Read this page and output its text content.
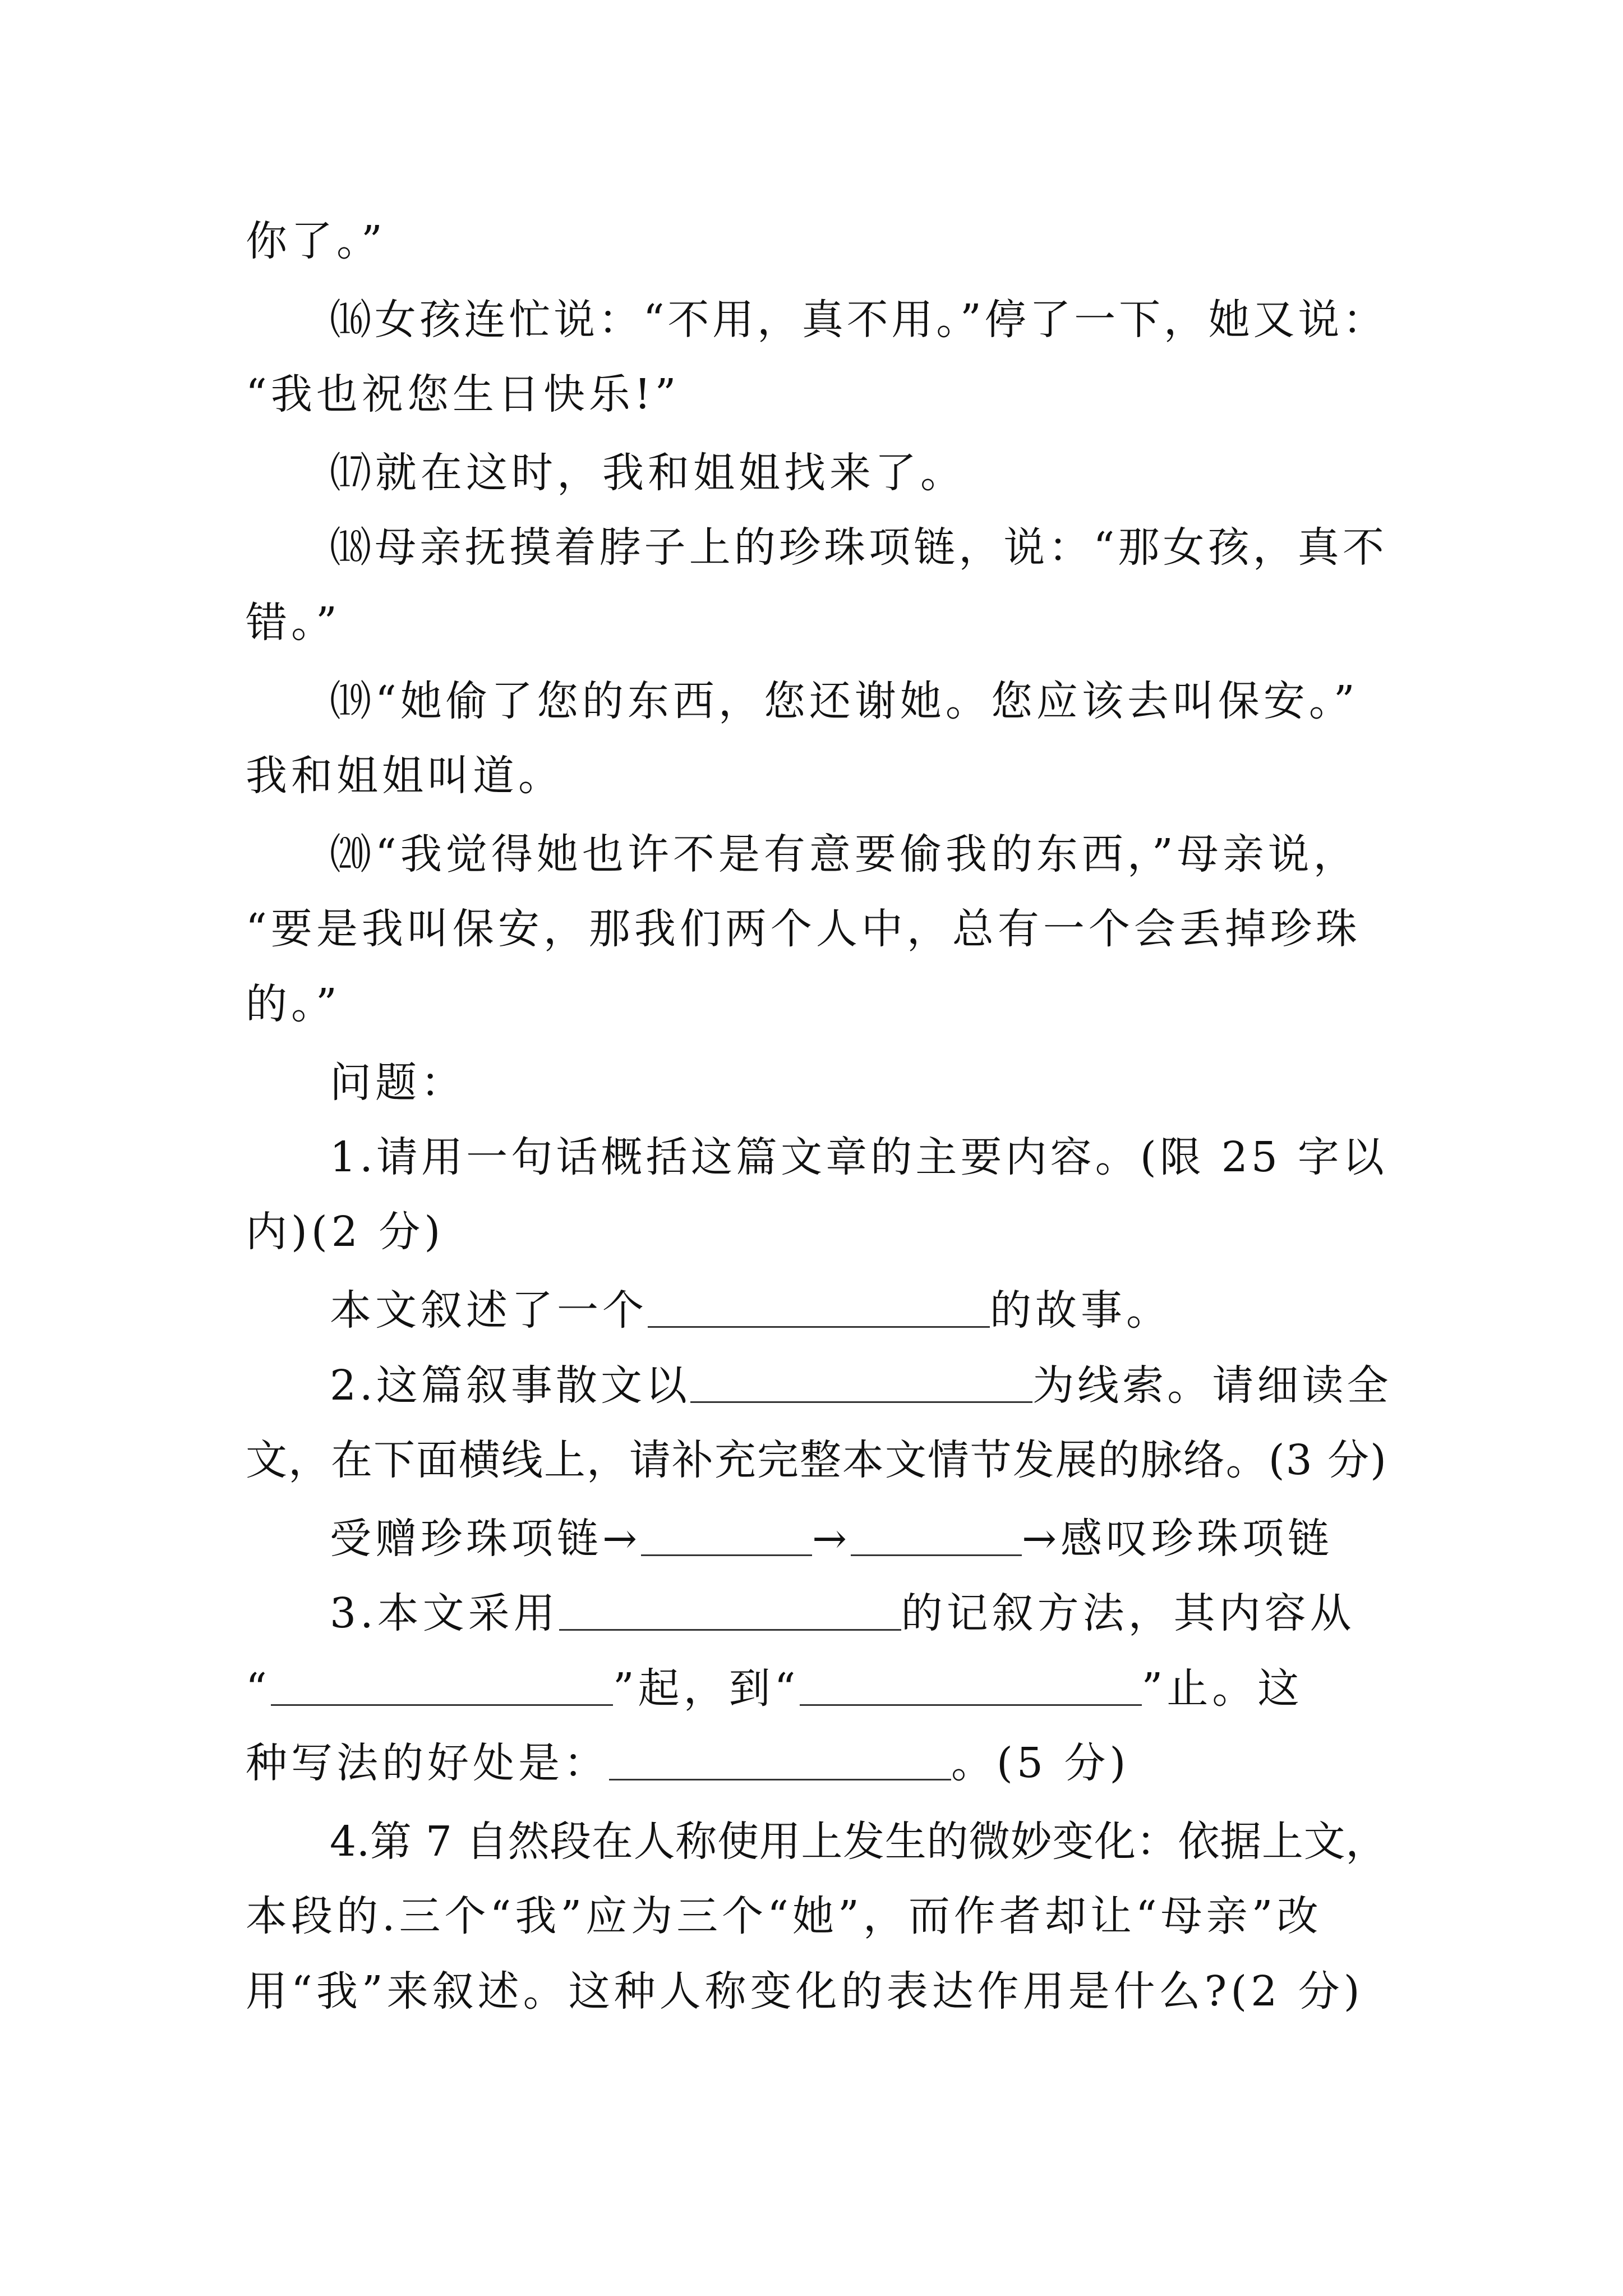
你了。”
⒃女孩连忙说：“不用，真不用。”停了一下，她又说：
“我也祝您生日快乐!”
⒄就在这时，我和姐姐找来了。
⒅母亲抚摸着脖子上的珍珠项链，说：“那女孩，真不
错。”
⒆“她偷了您的东西，您还谢她。您应该去叫保安。”
我和姐姐叫道。
⒇“我觉得她也许不是有意要偷我的东西，”母亲说，
“要是我叫保安，那我们两个人中，总有一个会丢掉珍珠
的。”
问题：
1.请用一句话概括这篇文章的主要内容。(限 25 字以
内)(2 分)
本文叙述了一个	的故事。
2.这篇叙事散文以	为线索。请细读全
文，在下面横线上，请补充完整本文情节发展的脉络。(3 分)
受赠珍珠项链→	→	→感叹珍珠项链
3.本文采用	的记叙方法，其内容从
“	”起，到“	”止。这
种写法的好处是：	。(5 分)
4.第 7 自然段在人称使用上发生的微妙变化：依据上文，
本段的.三个“我”应为三个“她”，而作者却让“母亲”改
用“我”来叙述。这种人称变化的表达作用是什么?(2 分)
